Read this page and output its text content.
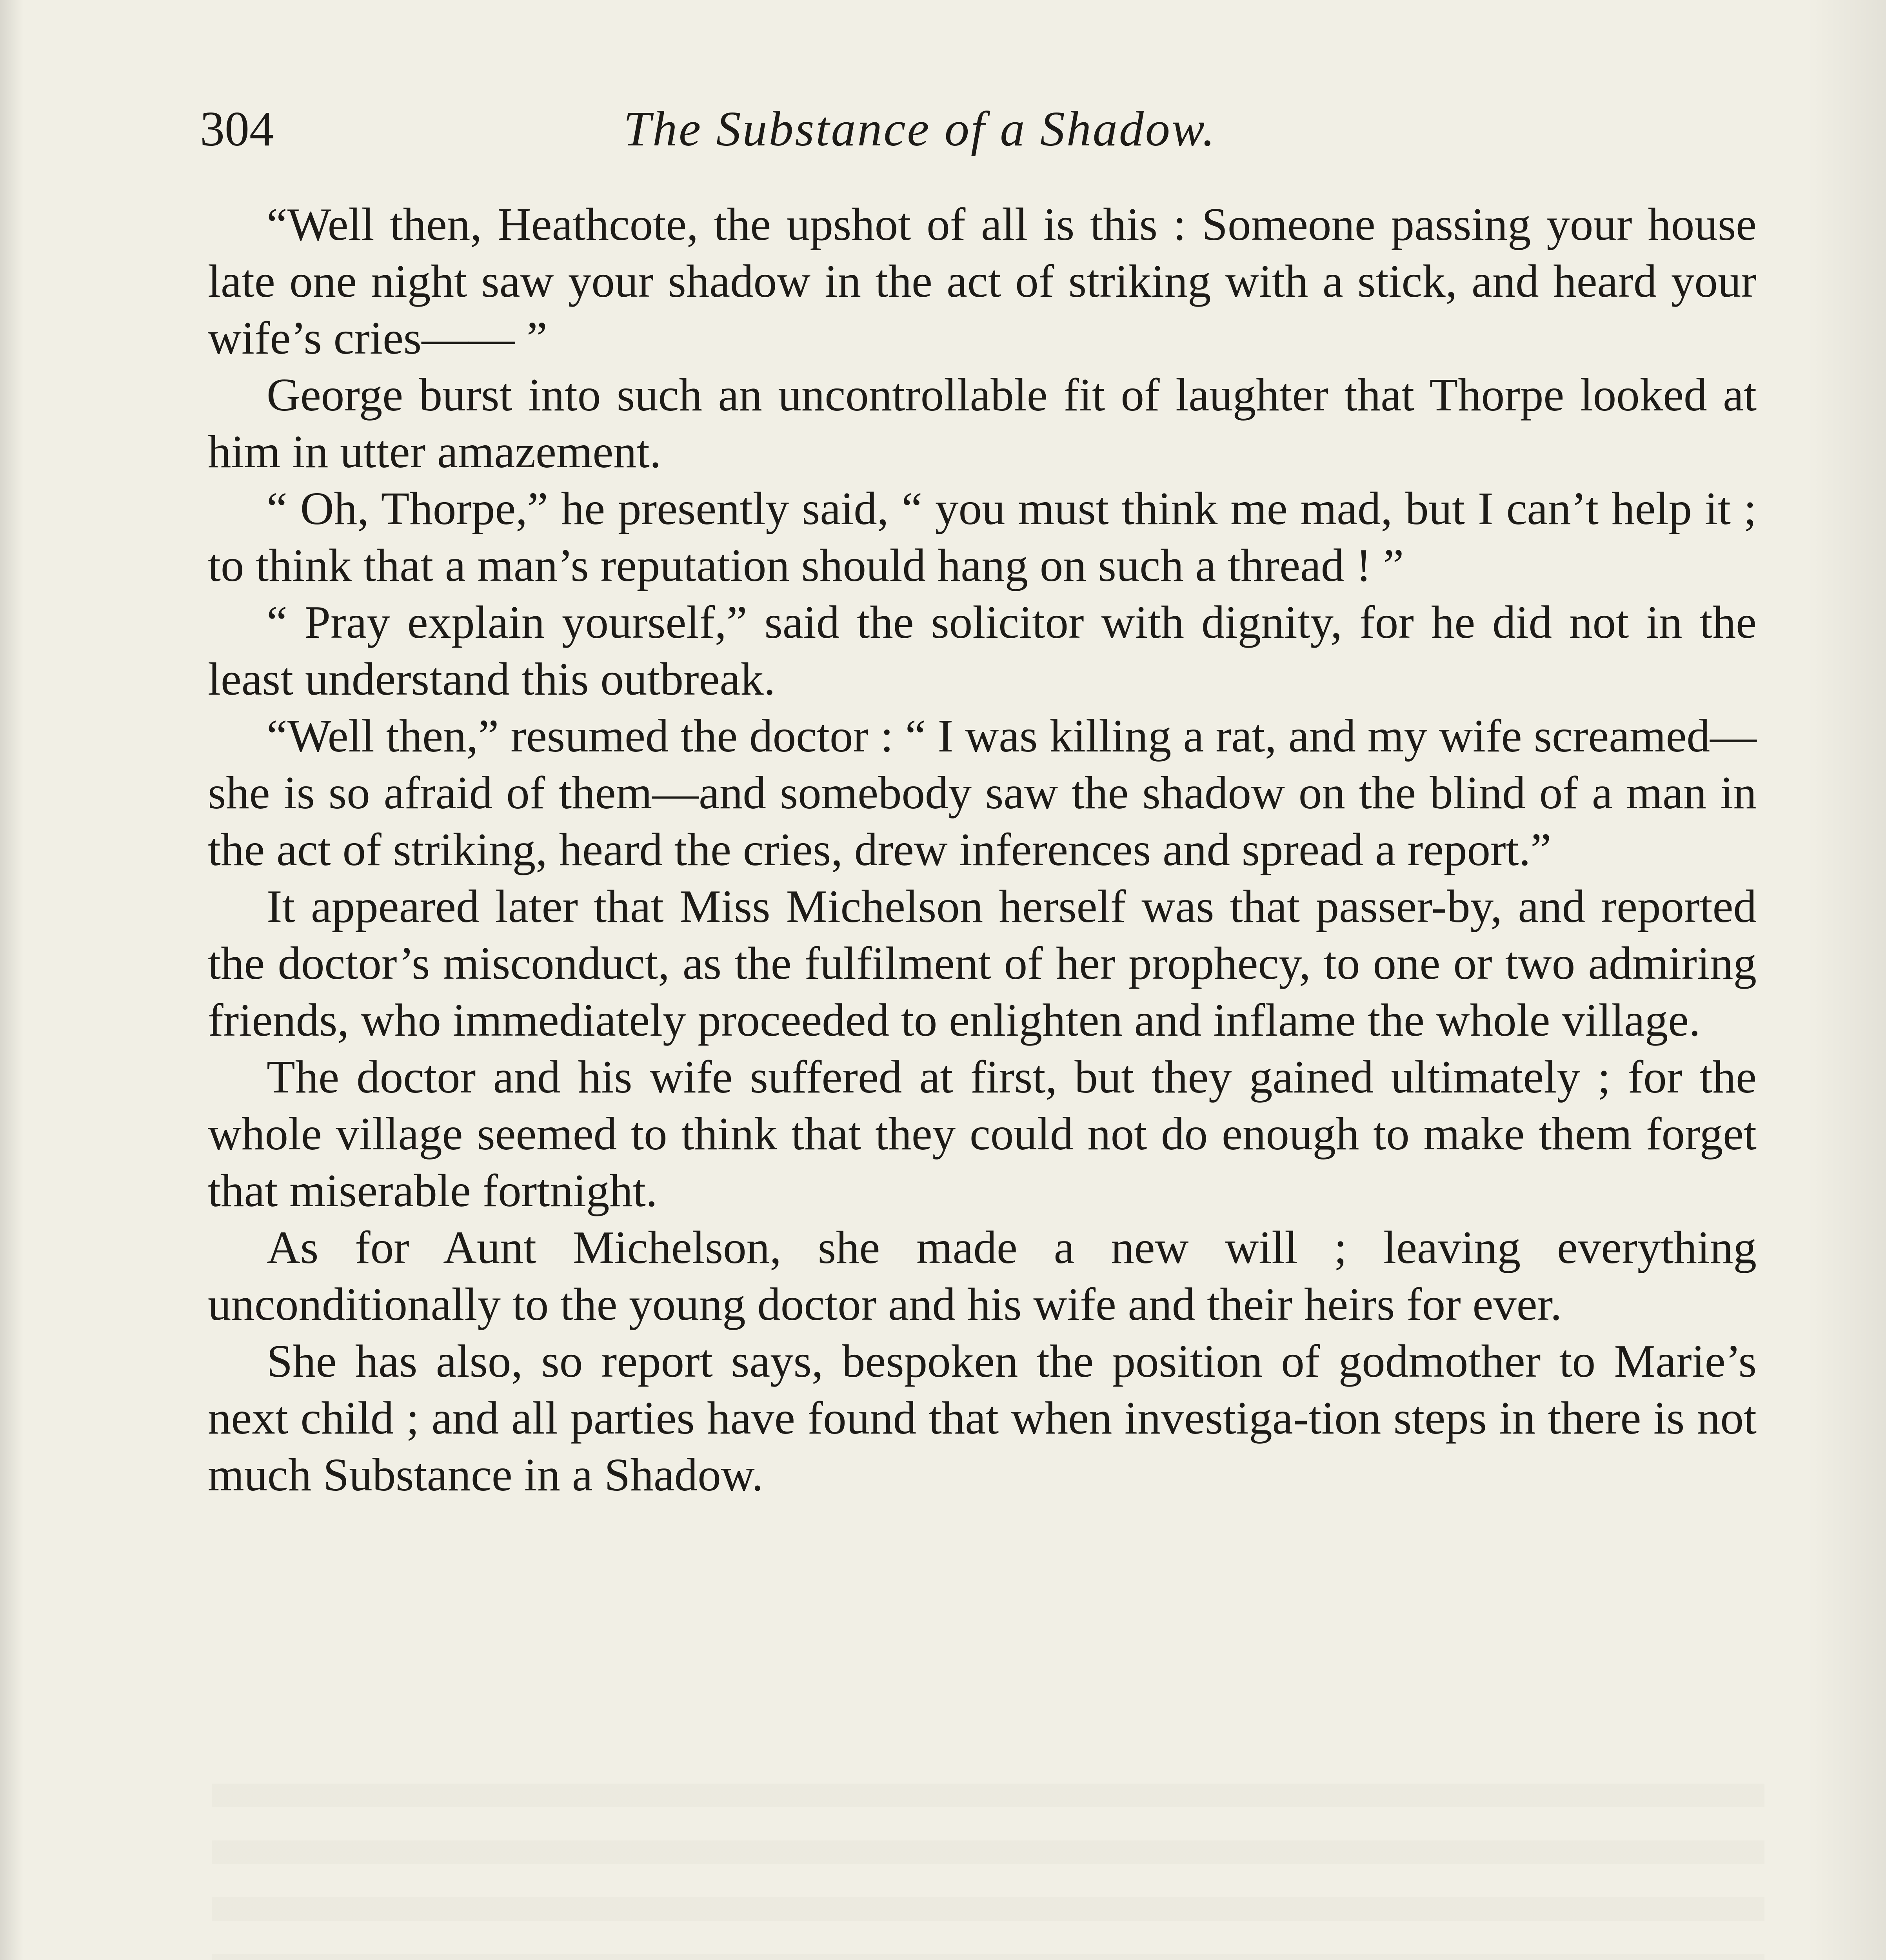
304	The Substance of a Shadow.

“Well then, Heathcote, the upshot of all is this : Someone passing your house late one night saw your shadow in the act of striking with a stick, and heard your wife’s cries—— ”

George burst into such an uncontrollable fit of laughter that Thorpe looked at him in utter amazement.

“ Oh, Thorpe,” he presently said, “ you must think me mad, but I can’t help it ; to think that a man’s reputation should hang on such a thread ! ”

“ Pray explain yourself,” said the solicitor with dignity, for he did not in the least understand this outbreak.

“Well then,” resumed the doctor : “ I was killing a rat, and my wife screamed—she is so afraid of them—and somebody saw the shadow on the blind of a man in the act of striking, heard the cries, drew inferences and spread a report.”

It appeared later that Miss Michelson herself was that passer-by, and reported the doctor’s misconduct, as the fulfilment of her prophecy, to one or two admiring friends, who immediately proceeded to enlighten and inflame the whole village.

The doctor and his wife suffered at first, but they gained ultimately ; for the whole village seemed to think that they could not do enough to make them forget that miserable fortnight.

As for Aunt Michelson, she made a new will ; leaving everything unconditionally to the young doctor and his wife and their heirs for ever.

She has also, so report says, bespoken the position of godmother to Marie’s next child ; and all parties have found that when investiga-tion steps in there is not much Substance in a Shadow.
